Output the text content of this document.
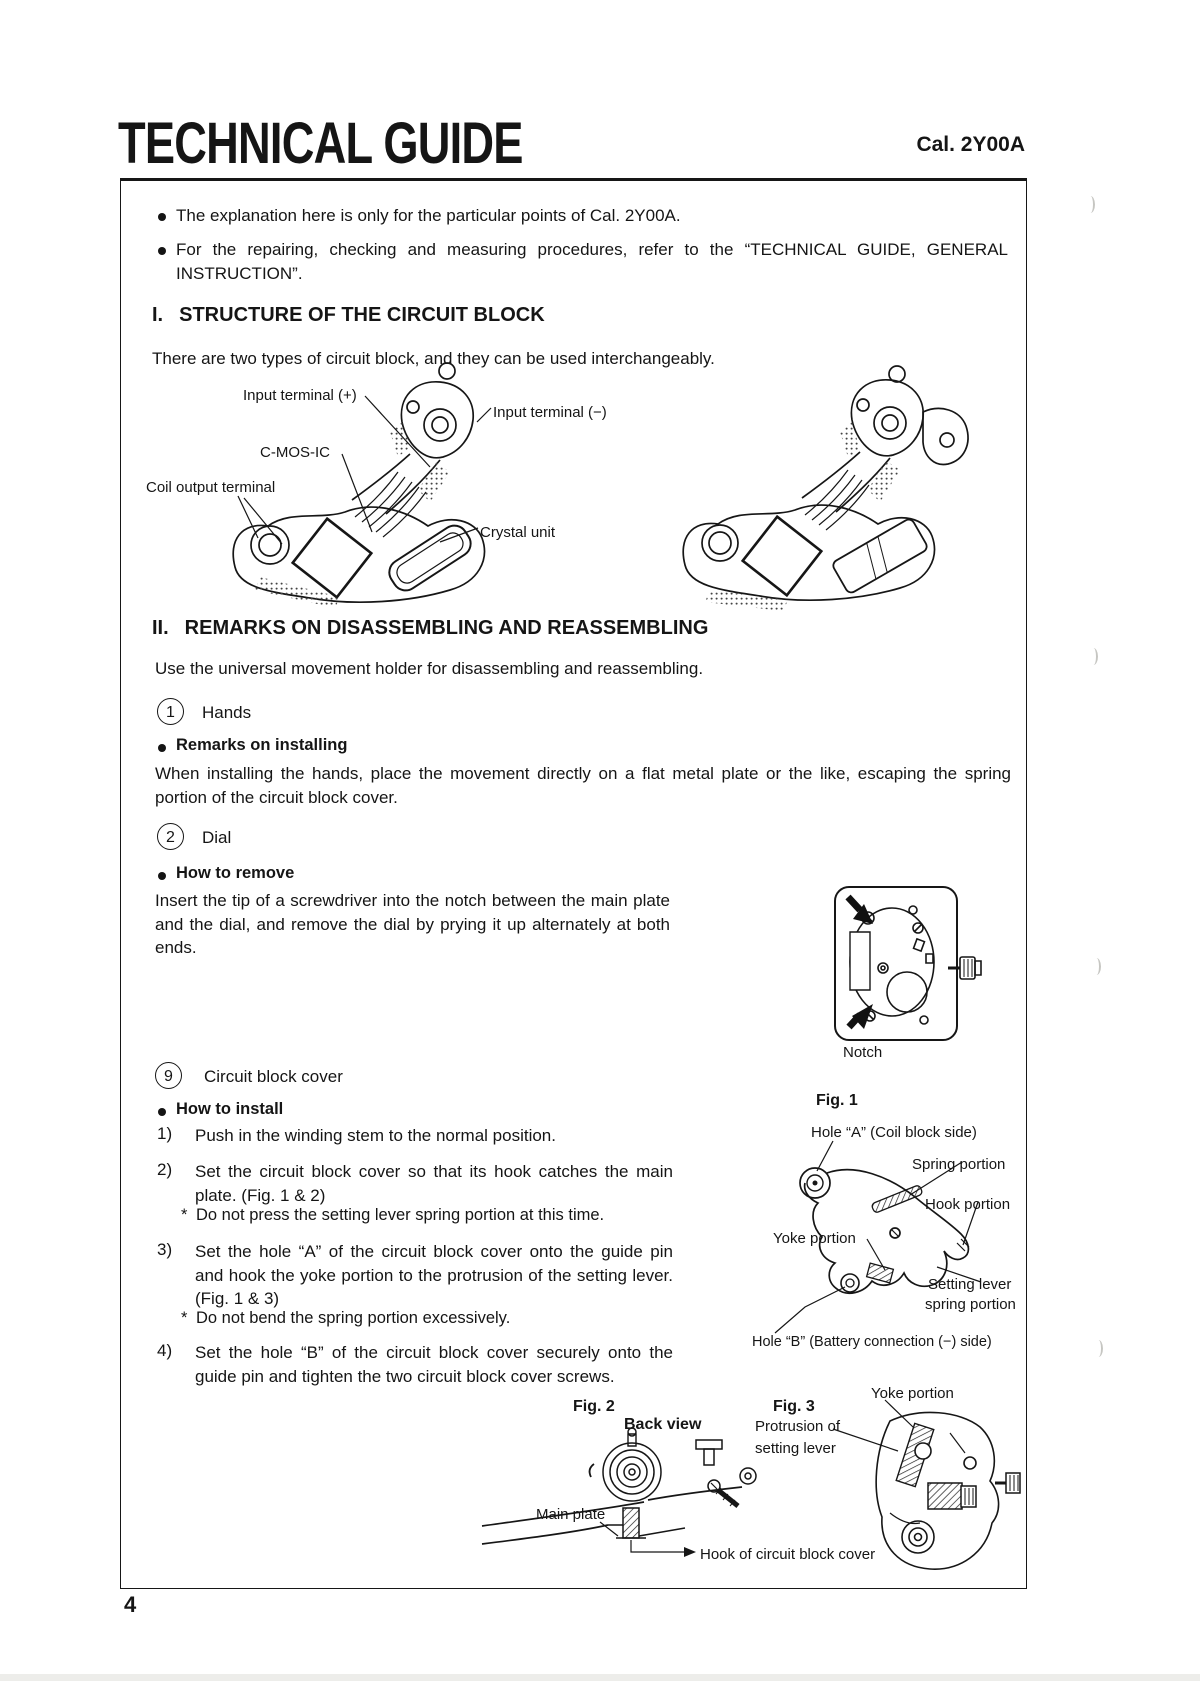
TECHNICAL GUIDE	Cal. 2Y00A
The explanation here is only for the particular points of Cal. 2Y00A.
For the repairing, checking and measuring procedures, refer to the “TECHNICAL GUIDE, GENERAL INSTRUCTION”.
I. STRUCTURE OF THE CIRCUIT BLOCK
There are two types of circuit block, and they can be used interchangeably.
Input terminal (+)
Input terminal (−)
C-MOS-IC
Coil output terminal
Crystal unit
II. REMARKS ON DISASSEMBLING AND REASSEMBLING
Use the universal movement holder for disassembling and reassembling.
1	Hands
Remarks on installing
When installing the hands, place the movement directly on a flat metal plate or the like, escaping the spring portion of the circuit block cover.
2	Dial
How to remove
Insert the tip of a screwdriver into the notch between the main plate and the dial, and remove the dial by prying it up alternately at both ends.
Notch
9	Circuit block cover
Fig. 1
How to install
1) Push in the winding stem to the normal position.
2) Set the circuit block cover so that its hook catches the main plate. (Fig. 1 & 2)
* Do not press the setting lever spring portion at this time.
3) Set the hole “A” of the circuit block cover onto the guide pin and hook the yoke portion to the protrusion of the setting lever. (Fig. 1 & 3)
* Do not bend the spring portion excessively.
4) Set the hole “B” of the circuit block cover securely onto the guide pin and tighten the two circuit block cover screws.
Hole “A” (Coil block side)
Spring portion
Hook portion
Yoke portion
Setting lever
spring portion
Hole “B” (Battery connection (−) side)
Fig. 2
Back view
Main plate
Hook of circuit block cover
Fig. 3
Yoke portion
Protrusion of
setting lever
4
